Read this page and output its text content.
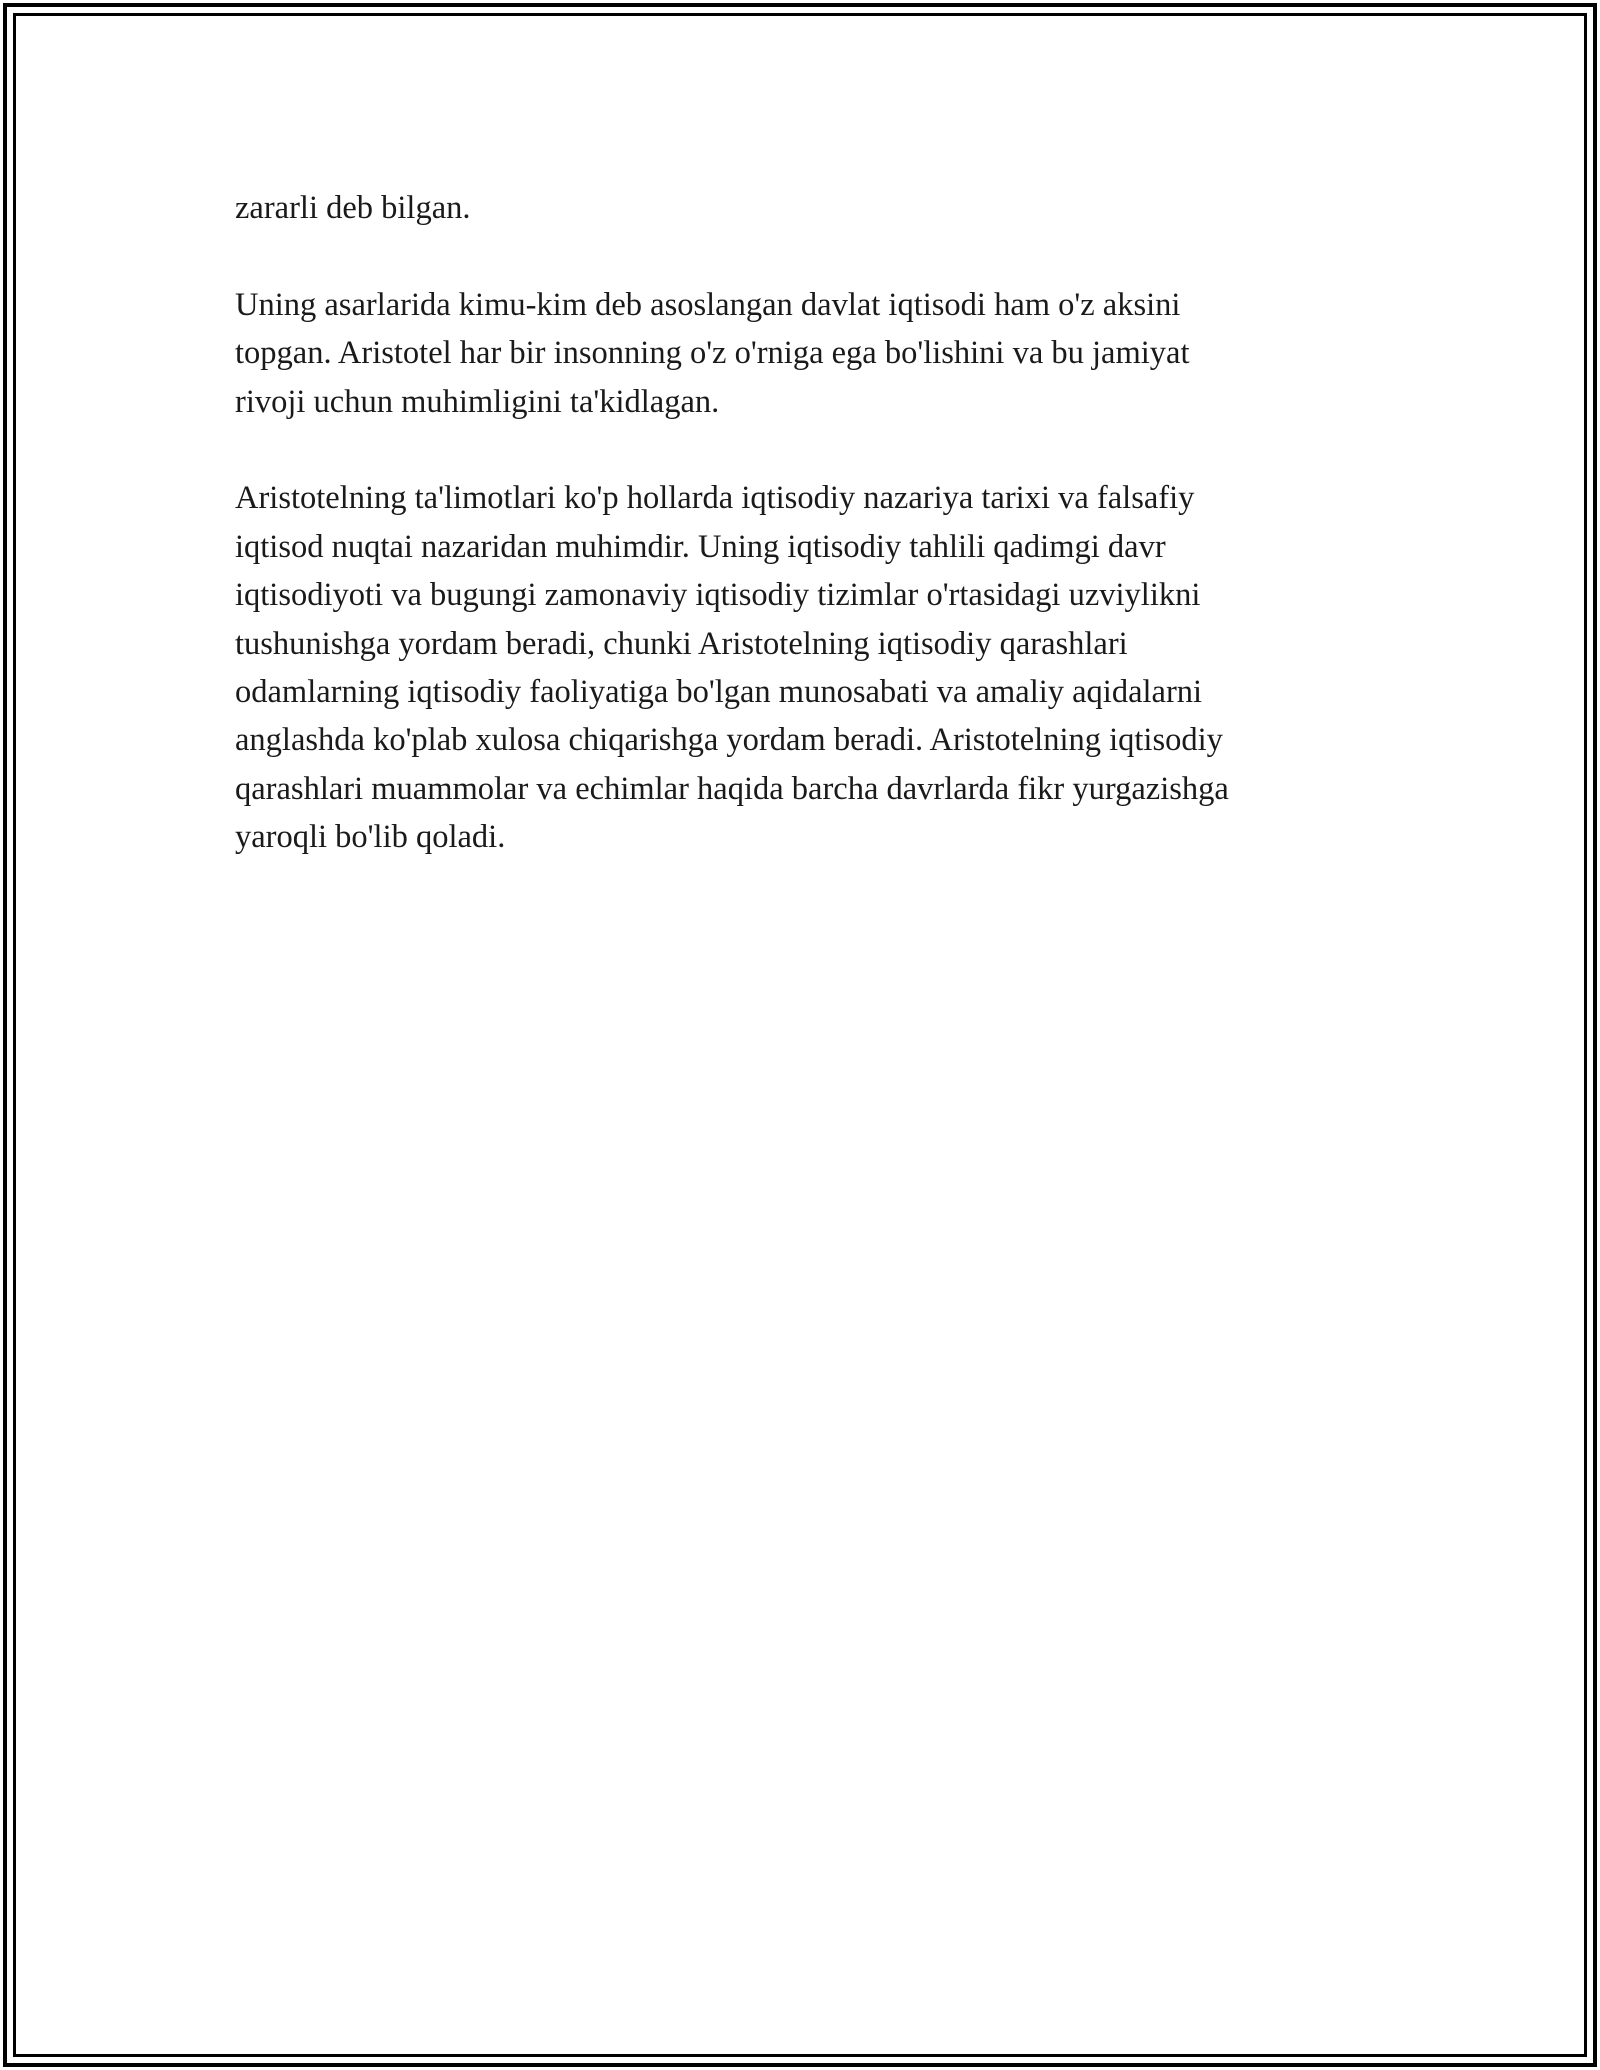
zararli deb bilgan.

Uning asarlarida kimu-kim deb asoslangan davlat iqtisodi ham o'z aksini
topgan. Aristotel har bir insonning o'z o'rniga ega bo'lishini va bu jamiyat
rivoji uchun muhimligini ta'kidlagan.

Aristotelning ta'limotlari ko'p hollarda iqtisodiy nazariya tarixi va falsafiy
iqtisod nuqtai nazaridan muhimdir. Uning iqtisodiy tahlili qadimgi davr
iqtisodiyoti va bugungi zamonaviy iqtisodiy tizimlar o'rtasidagi uzviylikni
tushunishga yordam beradi, chunki Aristotelning iqtisodiy qarashlari
odamlarning iqtisodiy faoliyatiga bo'lgan munosabati va amaliy aqidalarni
anglashda ko'plab xulosa chiqarishga yordam beradi. Aristotelning iqtisodiy
qarashlari muammolar va echimlar haqida barcha davrlarda fikr yurgazishga
yaroqli bo'lib qoladi.
